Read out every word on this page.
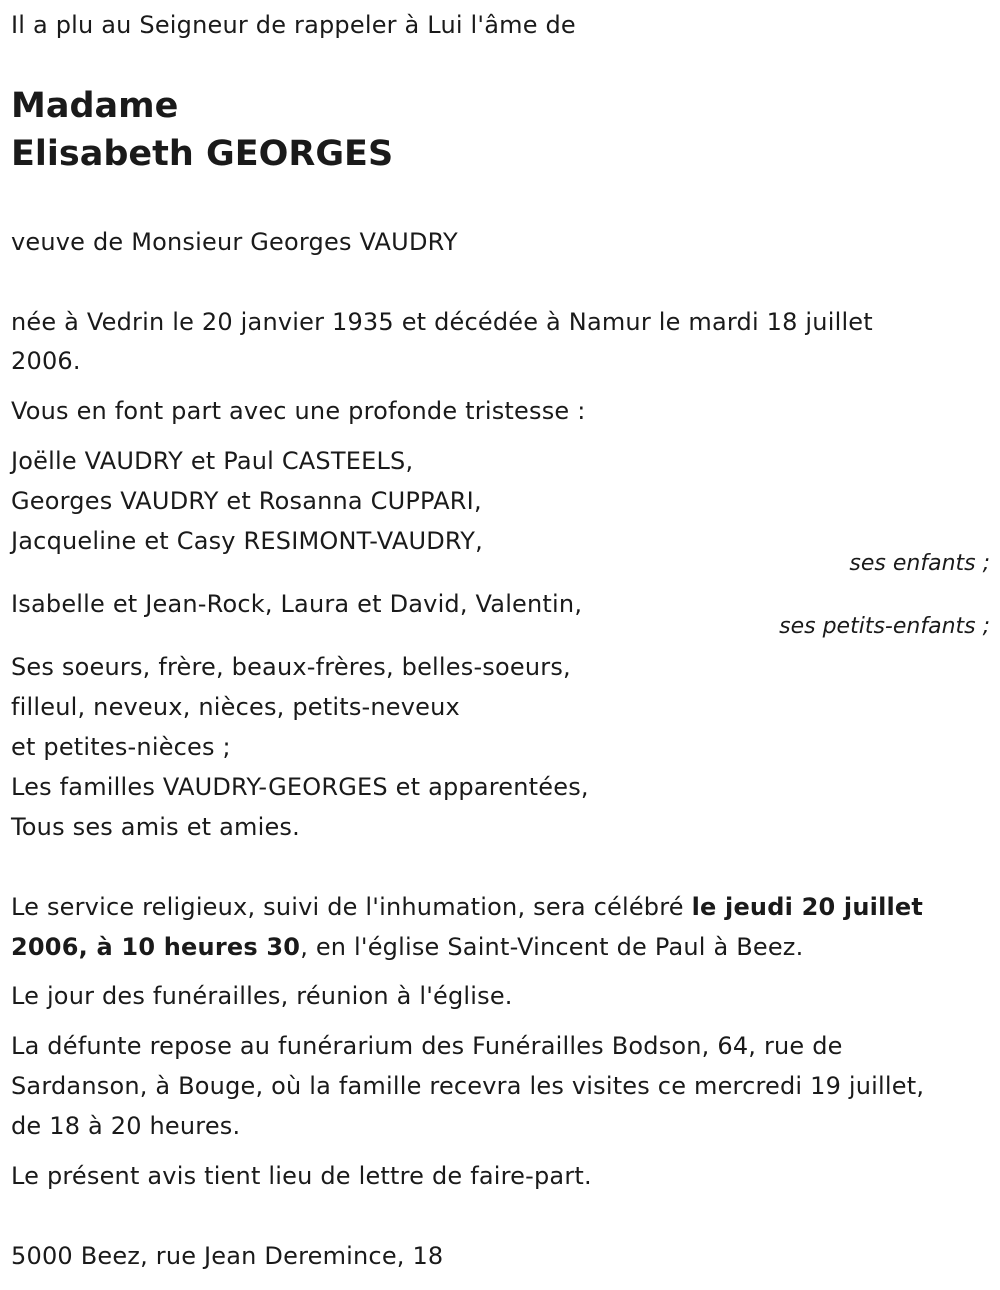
Il a plu au Seigneur de rappeler à Lui l'âme de
Madame
Elisabeth GEORGES
veuve de Monsieur Georges VAUDRY
née à Vedrin le 20 janvier 1935 et décédée à Namur le mardi 18 juillet
2006.
Vous en font part avec une profonde tristesse :
Joëlle VAUDRY et Paul CASTEELS,
Georges VAUDRY et Rosanna CUPPARI,
Jacqueline et Casy RESIMONT-VAUDRY,
ses enfants ;
Isabelle et Jean-Rock, Laura et David, Valentin,
ses petits-enfants ;
Ses soeurs, frère, beaux-frères, belles-soeurs,
filleul, neveux, nièces, petits-neveux
et petites-nièces ;
Les familles VAUDRY-GEORGES et apparentées,
Tous ses amis et amies.
Le service religieux, suivi de l'inhumation, sera célébré le jeudi 20 juillet
2006, à 10 heures 30, en l'église Saint-Vincent de Paul à Beez.
Le jour des funérailles, réunion à l'église.
La défunte repose au funérarium des Funérailles Bodson, 64, rue de
Sardanson, à Bouge, où la famille recevra les visites ce mercredi 19 juillet,
de 18 à 20 heures.
Le présent avis tient lieu de lettre de faire-part.
5000 Beez, rue Jean Deremince, 18
